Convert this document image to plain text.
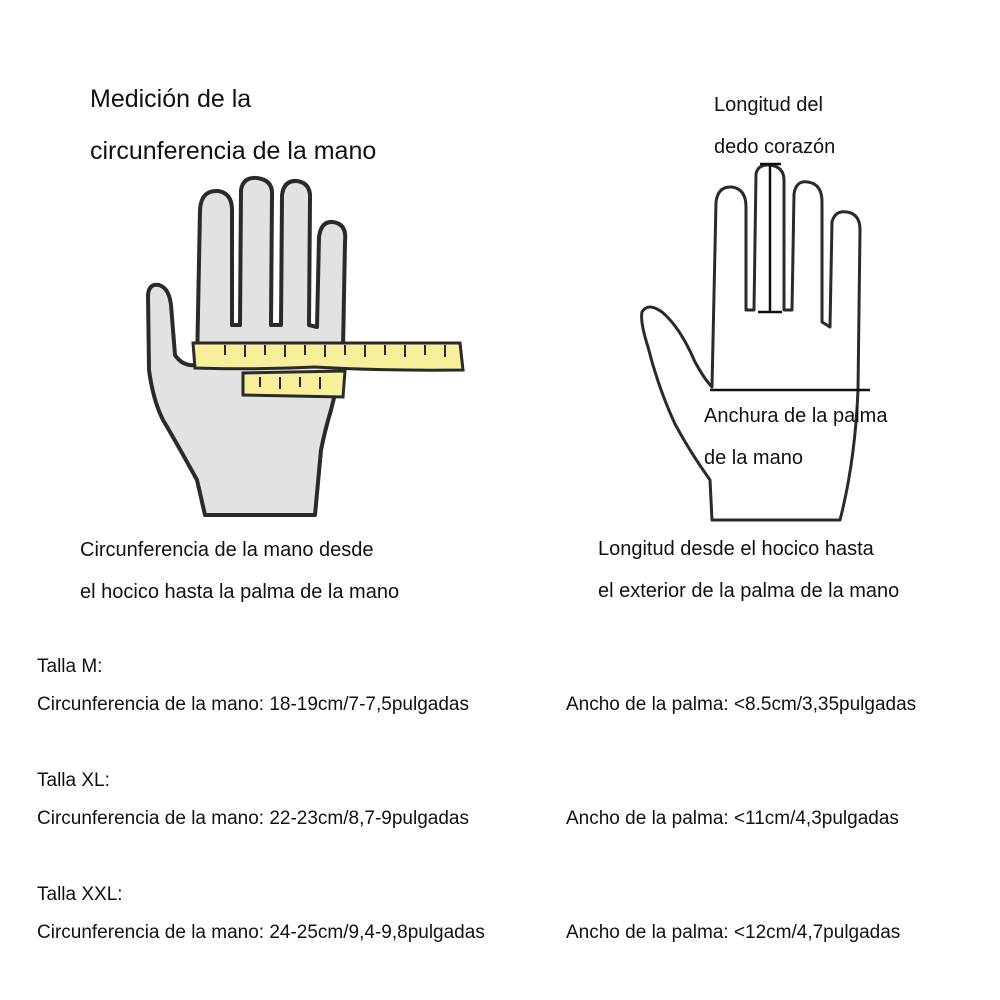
Medición de la
circunferencia de la mano
Circunferencia de la mano desde
el hocico hasta la palma de la mano
Longitud del
dedo corazón
Anchura de la palma
de la mano
Longitud desde el hocico hasta
el exterior de la palma de la mano
Talla M:
Circunferencia de la mano: 18-19cm/7-7,5pulgadas	Ancho de la palma: <8.5cm/3,35pulgadas
Talla XL:
Circunferencia de la mano: 22-23cm/8,7-9pulgadas	Ancho de la palma: <11cm/4,3pulgadas
Talla XXL:
Circunferencia de la mano: 24-25cm/9,4-9,8pulgadas	Ancho de la palma: <12cm/4,7pulgadas
